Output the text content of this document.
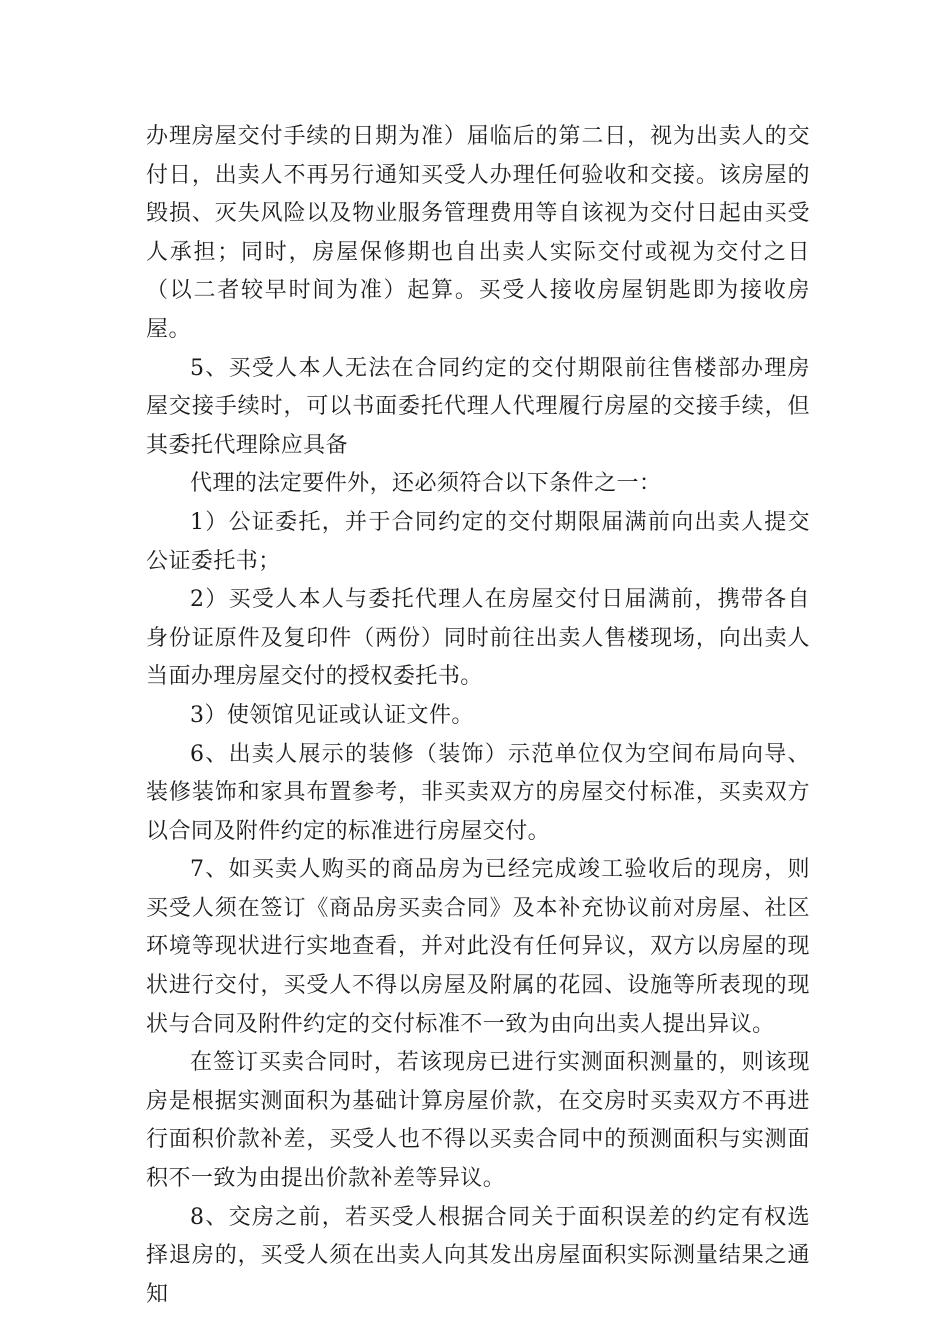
办理房屋交付手续的日期为准）届临后的第二日，视为出卖人的交付日，出卖人不再另行通知买受人办理任何验收和交接。该房屋的毁损、灭失风险以及物业服务管理费用等自该视为交付日起由买受人承担；同时，房屋保修期也自出卖人实际交付或视为交付之日（以二者较早时间为准）起算。买受人接收房屋钥匙即为接收房屋。

5、买受人本人无法在合同约定的交付期限前往售楼部办理房屋交接手续时，可以书面委托代理人代理履行房屋的交接手续，但其委托代理除应具备

代理的法定要件外，还必须符合以下条件之一：

1）公证委托，并于合同约定的交付期限届满前向出卖人提交公证委托书；

2）买受人本人与委托代理人在房屋交付日届满前，携带各自身份证原件及复印件（两份）同时前往出卖人售楼现场，向出卖人当面办理房屋交付的授权委托书。

3）使领馆见证或认证文件。

6、出卖人展示的装修（装饰）示范单位仅为空间布局向导、装修装饰和家具布置参考，非买卖双方的房屋交付标准，买卖双方以合同及附件约定的标准进行房屋交付。

7、如买卖人购买的商品房为已经完成竣工验收后的现房，则买受人须在签订《商品房买卖合同》及本补充协议前对房屋、社区环境等现状进行实地查看，并对此没有任何异议，双方以房屋的现状进行交付，买受人不得以房屋及附属的花园、设施等所表现的现状与合同及附件约定的交付标准不一致为由向出卖人提出异议。

在签订买卖合同时，若该现房已进行实测面积测量的，则该现房是根据实测面积为基础计算房屋价款，在交房时买卖双方不再进行面积价款补差，买受人也不得以买卖合同中的预测面积与实测面积不一致为由提出价款补差等异议。

8、交房之前，若买受人根据合同关于面积误差的约定有权选择退房的，买受人须在出卖人向其发出房屋面积实际测量结果之通知
